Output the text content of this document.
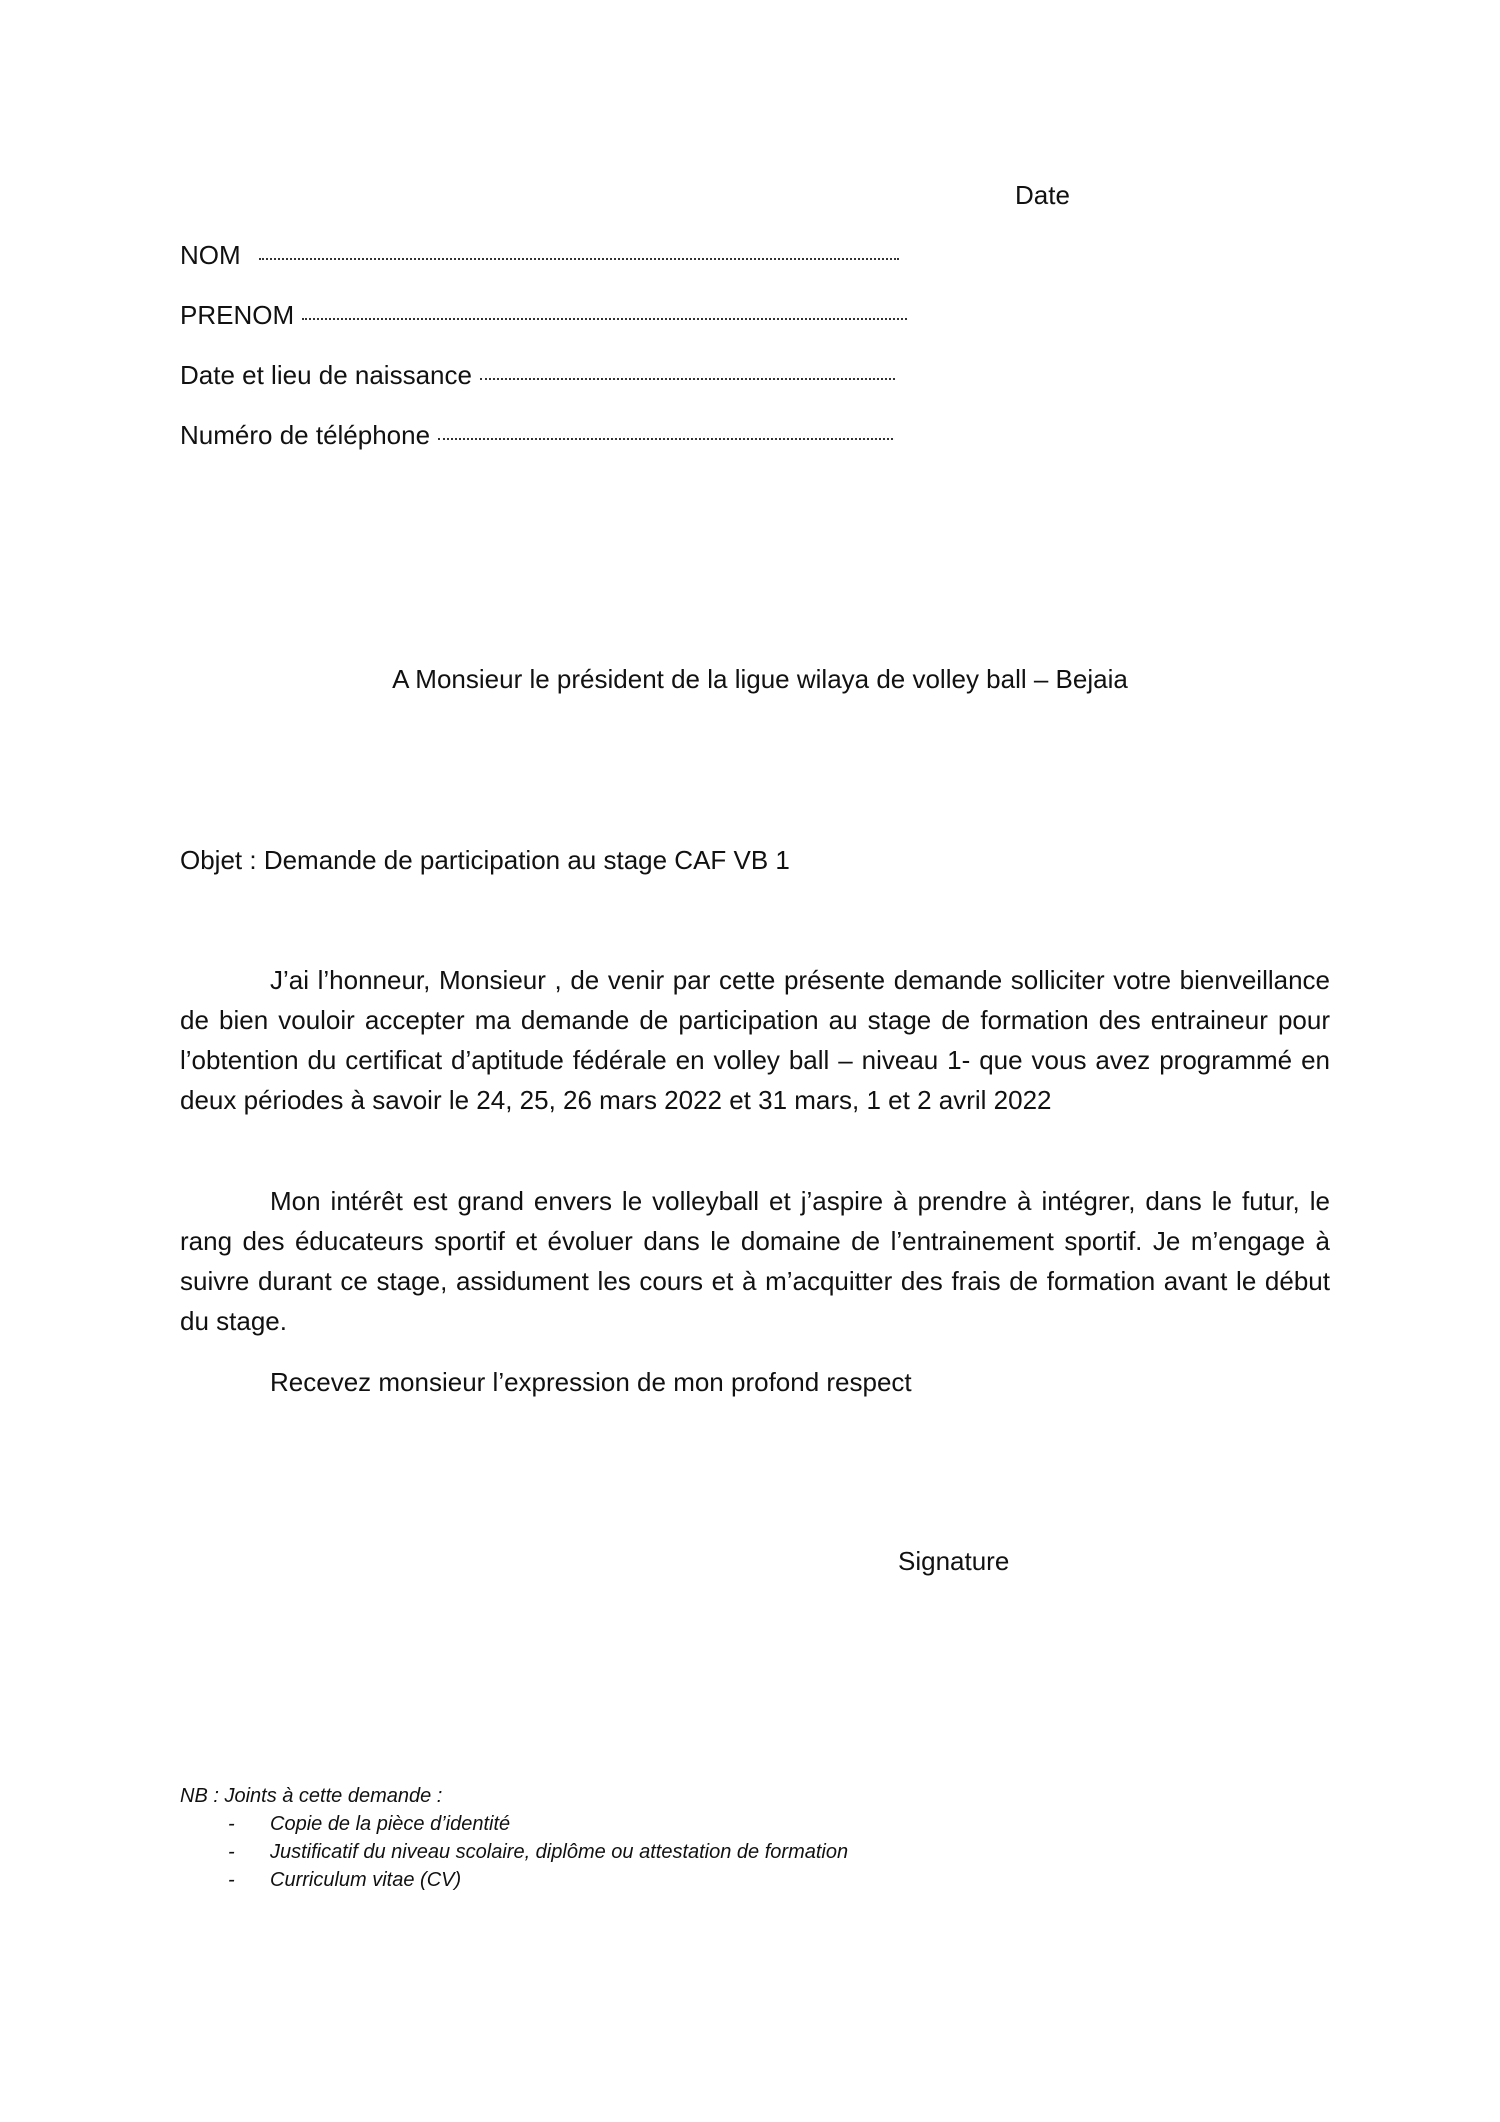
Date
NOM
PRENOM
Date et lieu de naissance
Numéro de téléphone
A Monsieur le président de la ligue wilaya de volley ball – Bejaia
Objet : Demande de participation au stage CAF VB 1

J’ai l’honneur, Monsieur , de venir par cette présente demande solliciter votre bienveillance de bien vouloir accepter ma demande de participation au stage de formation des entraineur pour l’obtention du certificat d’aptitude fédérale en volley ball – niveau 1- que vous avez programmé en deux périodes à savoir le 24, 25, 26 mars 2022 et 31 mars, 1 et 2 avril 2022

Mon intérêt est grand envers le volleyball et j’aspire à prendre à intégrer, dans le futur, le rang des éducateurs sportif et évoluer dans le domaine de l’entrainement sportif. Je m’engage à suivre durant ce stage, assidument les cours et à m’acquitter des frais de formation avant le début du stage.

Recevez monsieur l’expression de mon profond respect

Signature
NB : Joints à cette demande :
-	Copie de la pièce d’identité
-	Justificatif du niveau scolaire, diplôme ou attestation de formation
-	Curriculum vitae (CV)
